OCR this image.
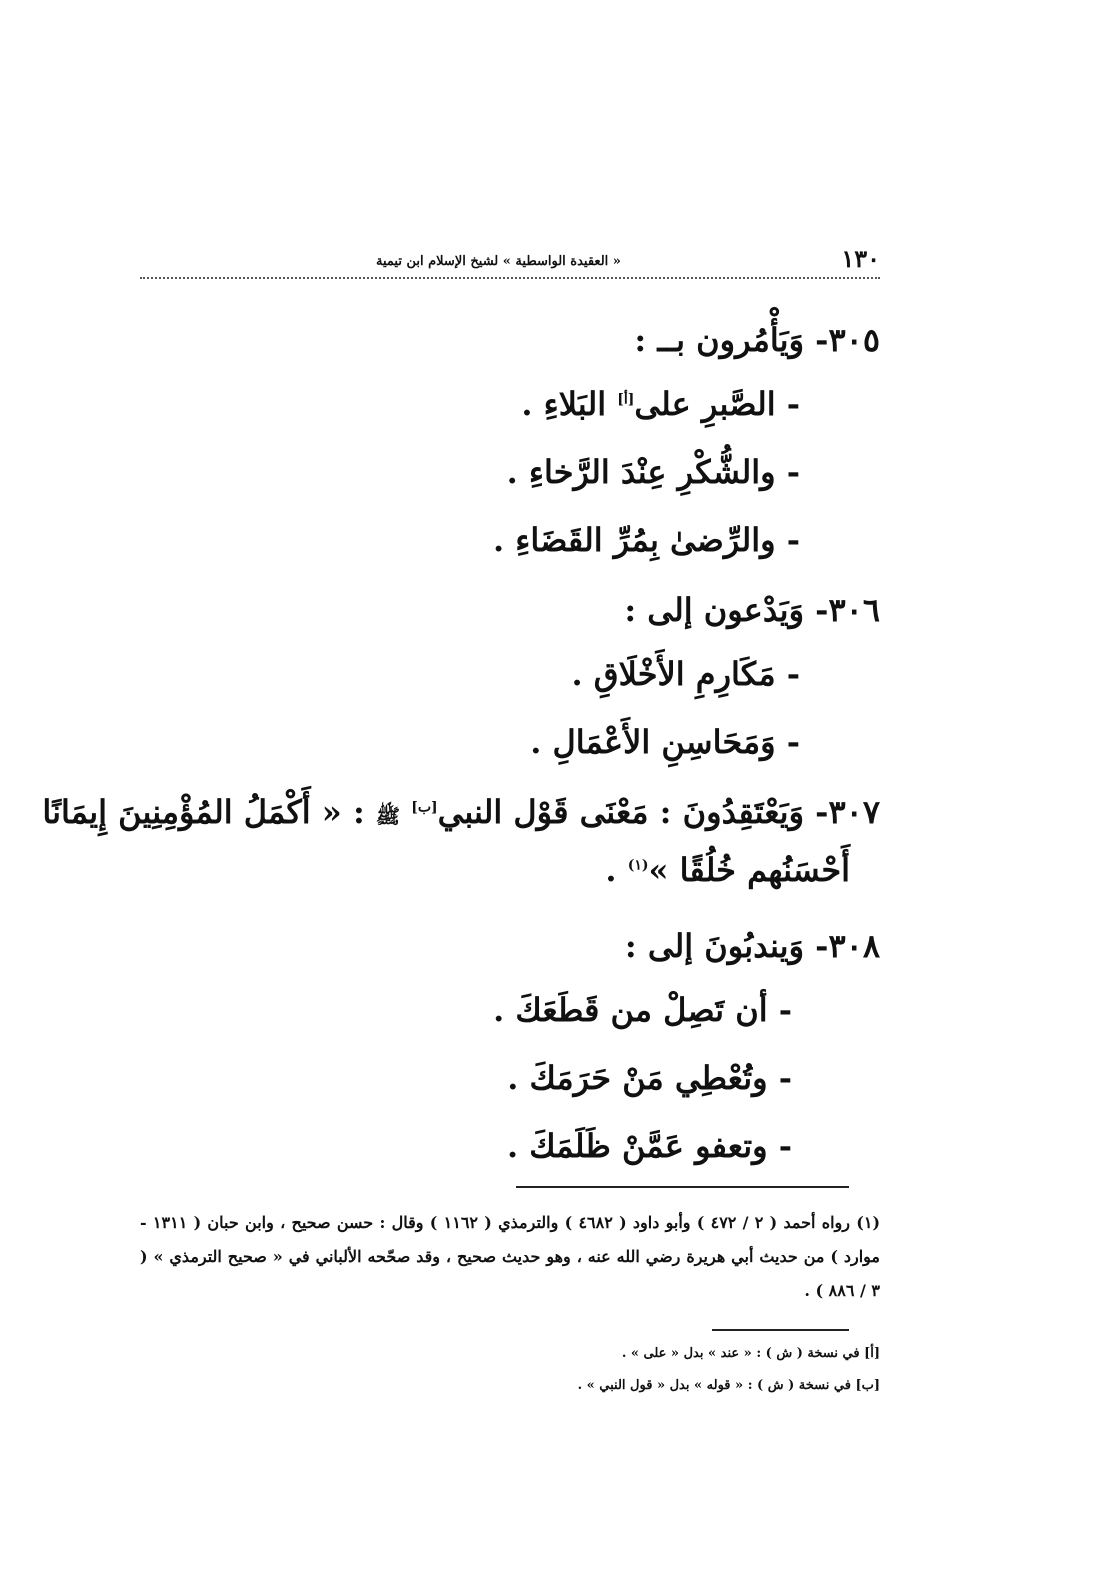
١٣٠
« العقيدة الواسطية » لشيخ الإسلام ابن تيمية
٣٠٥- وَيَأْمُرون بــ :
- الصَّبرِ على[أ] البَلاءِ .
- والشُّكْرِ عِنْدَ الرَّخاءِ .
- والرِّضىٰ بِمُرِّ القَضَاءِ .
٣٠٦- وَيَدْعون إلى :
- مَكَارِمِ الأَخْلَاقِ .
- وَمَحَاسِنِ الأَعْمَالِ .
٣٠٧- وَيَعْتَقِدُونَ : مَعْنَى قَوْل النبي[ب] ﷺ : « أَكْمَلُ المُؤْمِنِينَ إِيمَانًا
أَحْسَنُهم خُلُقًا »$^{(١)}$ .
٣٠٨- وَيندبُونَ إلى :
- أن تَصِلْ من قَطَعَكَ .
- وتُعْطِي مَنْ حَرَمَكَ .
- وتعفو عَمَّنْ ظَلَمَكَ .
(١) رواه أحمد ( ٢ / ٤٧٢ ) وأبو داود ( ٤٦٨٢ ) والترمذي ( ١١٦٢ ) وقال : حسن صحيح ، وابن حبان ( ١٣١١ - موارد ) من حديث أبي هريرة رضي الله عنه ، وهو حديث صحيح ، وقد صحّحه الألباني في « صحيح الترمذي » ( ٣ / ٨٨٦ ) .
[أ] في نسخة ( ش ) : « عند » بدل « على » .
[ب] في نسخة ( ش ) : « قوله » بدل « قول النبي » .
